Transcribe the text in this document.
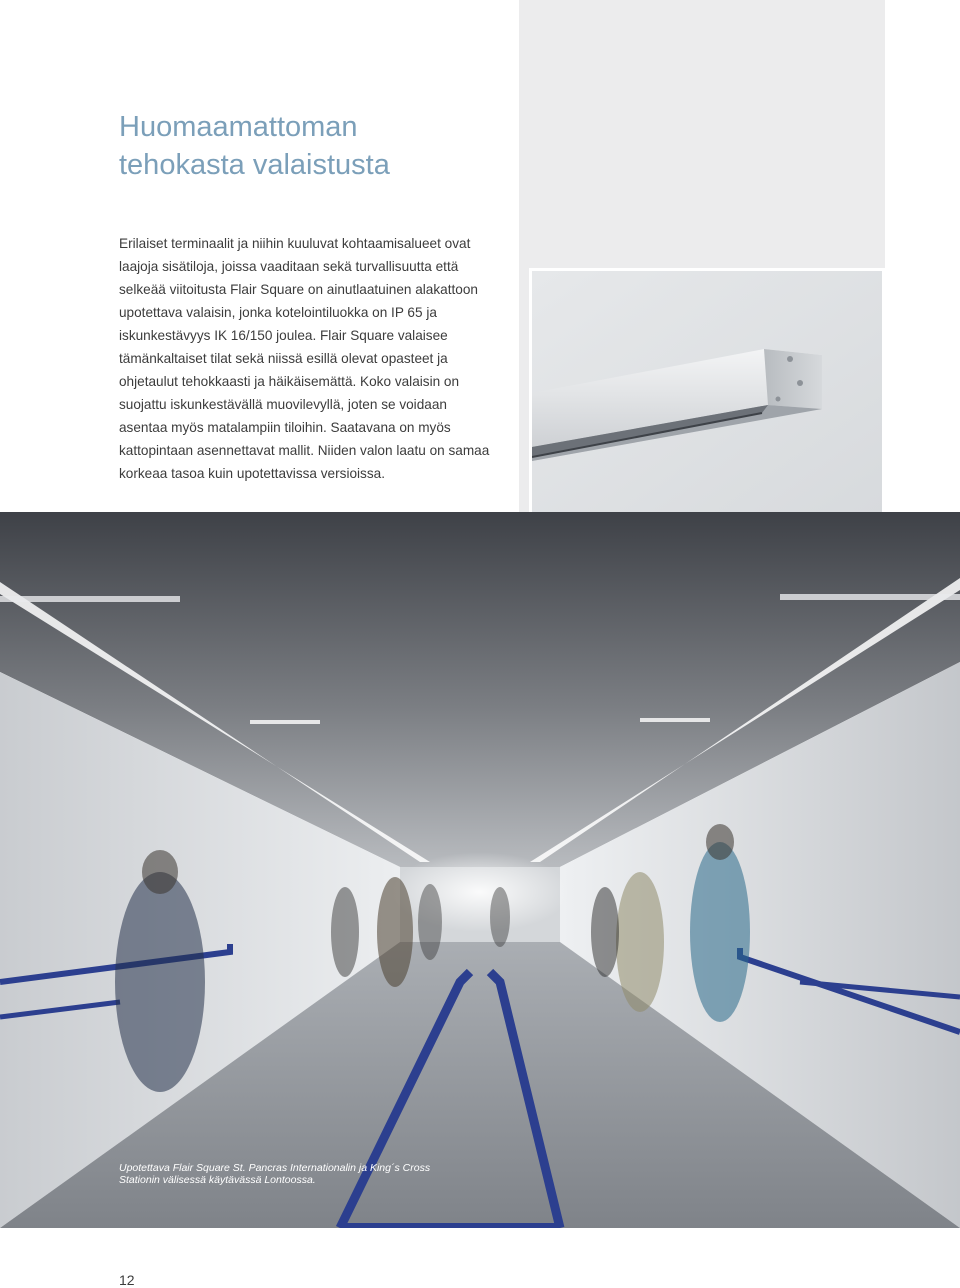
Huomaamattoman
tehokasta valaistusta

Erilaiset terminaalit ja niihin kuuluvat kohtaamisalueet ovat laajoja sisätiloja, joissa vaaditaan sekä turvallisuutta että selkeää viitoitusta Flair Square on ainutlaatuinen alakattoon upotettava valaisin, jonka kotelointiluokka on IP 65 ja iskunkestävyys IK 16/150 joulea. Flair Square valaisee tämänkaltaiset tilat sekä niissä esillä olevat opasteet ja ohjetaulut tehokkaasti ja häikäisemättä. Koko valaisin on suojattu iskunkestävällä muovilevyllä, joten se voidaan asentaa myös matalampiin tiloihin. Saatavana on myös kattopintaan asennettavat mallit. Niiden valon laatu on samaa korkeaa tasoa kuin upotettavissa versioissa.

Upotettava Flair Square St. Pancras Internationalin ja King´s Cross
Stationin välisessä käytävässä Lontoossa.

12
